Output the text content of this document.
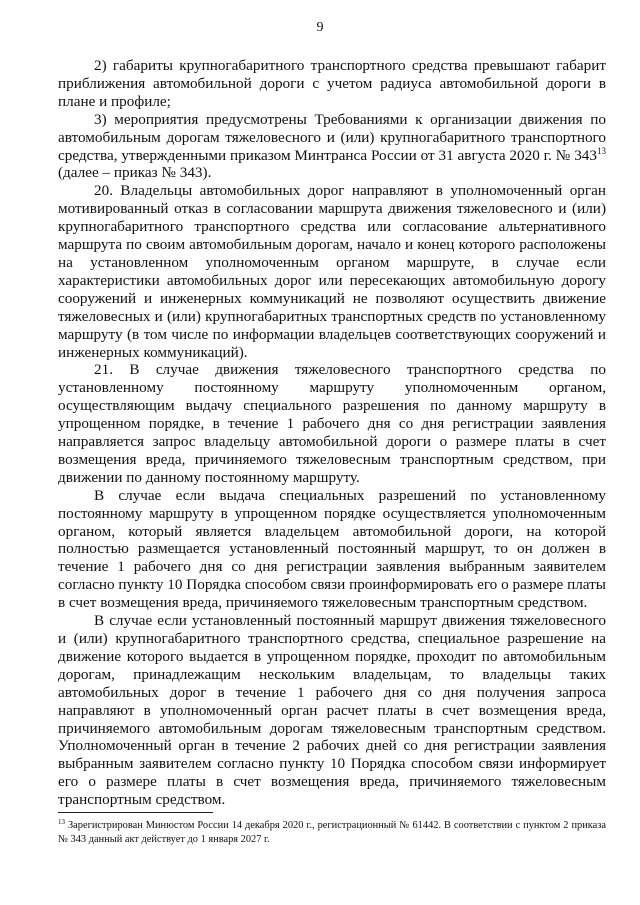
9

2) габариты крупногабаритного транспортного средства превышают габарит приближения автомобильной дороги с учетом радиуса автомобильной дороги в плане и профиле;

3) мероприятия предусмотрены Требованиями к организации движения по автомобильным дорогам тяжеловесного и (или) крупногабаритного транспортного средства, утвержденными приказом Минтранса России от 31 августа 2020 г. № $343^{13}$ (далее – приказ № 343).

20. Владельцы автомобильных дорог направляют в уполномоченный орган мотивированный отказ в согласовании маршрута движения тяжеловесного и (или) крупногабаритного транспортного средства или согласование альтернативного маршрута по своим автомобильным дорогам, начало и конец которого расположены на установленном уполномоченным органом маршруте, в случае если характеристики автомобильных дорог или пересекающих автомобильную дорогу сооружений и инженерных коммуникаций не позволяют осуществить движение тяжеловесных и (или) крупногабаритных транспортных средств по установленному маршруту (в том числе по информации владельцев соответствующих сооружений и инженерных коммуникаций).

21. В случае движения тяжеловесного транспортного средства по установленному постоянному маршруту уполномоченным органом, осуществляющим выдачу специального разрешения по данному маршруту в упрощенном порядке, в течение 1 рабочего дня со дня регистрации заявления направляется запрос владельцу автомобильной дороги о размере платы в счет возмещения вреда, причиняемого тяжеловесным транспортным средством, при движении по данному постоянному маршруту.

В случае если выдача специальных разрешений по установленному постоянному маршруту в упрощенном порядке осуществляется уполномоченным органом, который является владельцем автомобильной дороги, на которой полностью размещается установленный постоянный маршрут, то он должен в течение 1 рабочего дня со дня регистрации заявления выбранным заявителем согласно пункту 10 Порядка способом связи проинформировать его о размере платы в счет возмещения вреда, причиняемого тяжеловесным транспортным средством.

В случае если установленный постоянный маршрут движения тяжеловесного и (или) крупногабаритного транспортного средства, специальное разрешение на движение которого выдается в упрощенном порядке, проходит по автомобильным дорогам, принадлежащим нескольким владельцам, то владельцы таких автомобильных дорог в течение 1 рабочего дня со дня получения запроса направляют в уполномоченный орган расчет платы в счет возмещения вреда, причиняемого автомобильным дорогам тяжеловесным транспортным средством. Уполномоченный орган в течение 2 рабочих дней со дня регистрации заявления выбранным заявителем согласно пункту 10 Порядка способом связи информирует его о размере платы в счет возмещения вреда, причиняемого тяжеловесным транспортным средством.

$^{13}$ Зарегистрирован Минюстом России 14 декабря 2020 г., регистрационный № 61442. В соответствии с пунктом 2 приказа № 343 данный акт действует до 1 января 2027 г.
